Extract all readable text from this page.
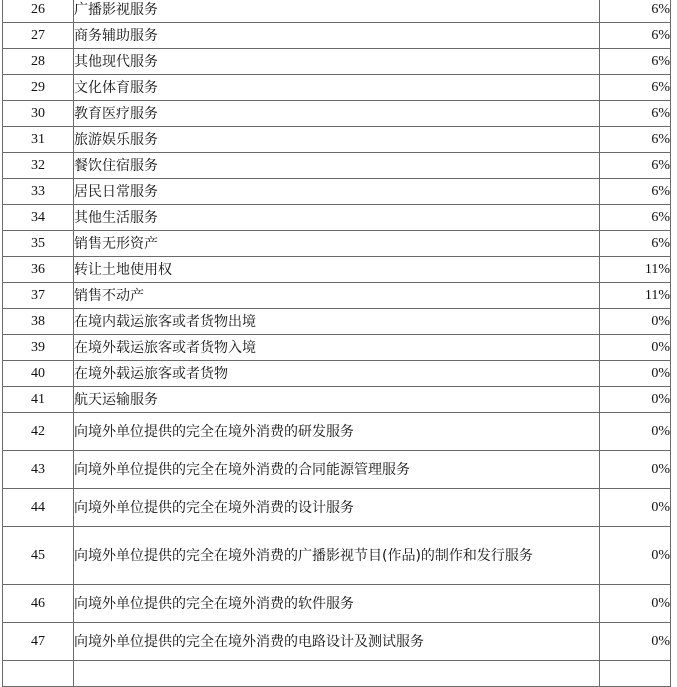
26	广播影视服务	6%
27	商务辅助服务	6%
28	其他现代服务	6%
29	文化体育服务	6%
30	教育医疗服务	6%
31	旅游娱乐服务	6%
32	餐饮住宿服务	6%
33	居民日常服务	6%
34	其他生活服务	6%
35	销售无形资产	6%
36	转让土地使用权	11%
37	销售不动产	11%
38	在境内载运旅客或者货物出境	0%
39	在境外载运旅客或者货物入境	0%
40	在境外载运旅客或者货物	0%
41	航天运输服务	0%
42	向境外单位提供的完全在境外消费的研发服务	0%
43	向境外单位提供的完全在境外消费的合同能源管理服务	0%
44	向境外单位提供的完全在境外消费的设计服务	0%
45	向境外单位提供的完全在境外消费的广播影视节目(作品)的制作和发行服务	0%
46	向境外单位提供的完全在境外消费的软件服务	0%
47	向境外单位提供的完全在境外消费的电路设计及测试服务	0%
